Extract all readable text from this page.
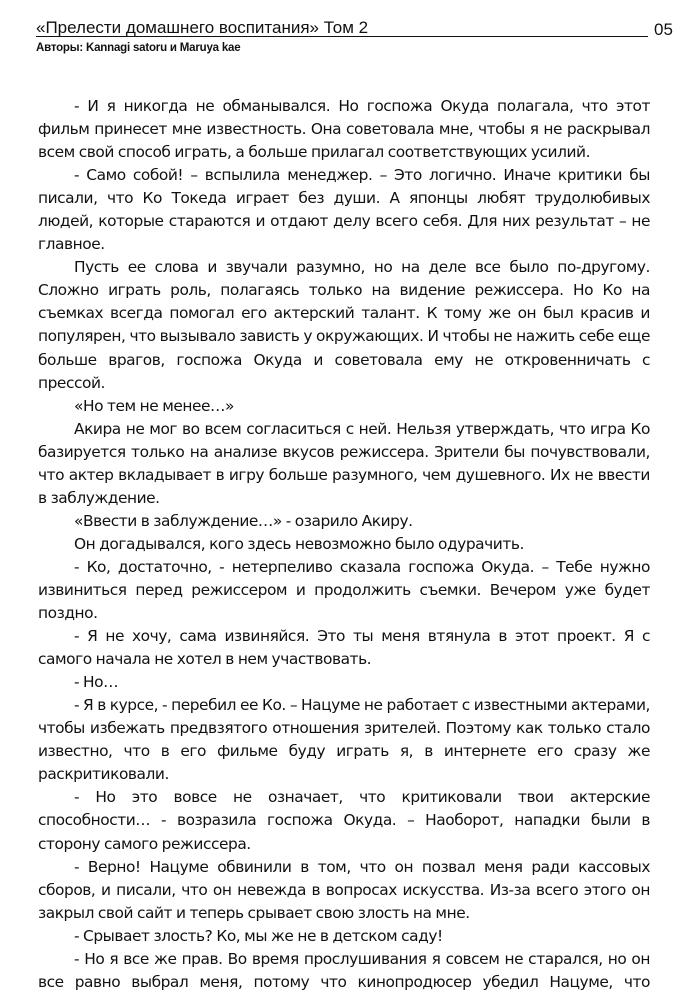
«Прелести домашнего воспитания» Том 2
Авторы: Kannagi satoru и Maruya kae
05

- И я никогда не обманывался. Но госпожа Окуда полагала, что этот фильм принесет мне известность. Она советовала мне, чтобы я не раскрывал всем свой способ играть, а больше прилагал соответствующих усилий.

- Само собой! – вспылила менеджер. – Это логично. Иначе критики бы писали, что Ко Токеда играет без души. А японцы любят трудолюбивых людей, которые стараются и отдают делу всего себя. Для них результат – не главное.

Пусть ее слова и звучали разумно, но на деле все было по-другому. Сложно играть роль, полагаясь только на видение режиссера. Но Ко на съемках всегда помогал его актерский талант. К тому же он был красив и популярен, что вызывало зависть у окружающих. И чтобы не нажить себе еще больше врагов, госпожа Окуда и советовала ему не откровенничать с прессой.

«Но тем не менее…»

Акира не мог во всем согласиться с ней. Нельзя утверждать, что игра Ко базируется только на анализе вкусов режиссера. Зрители бы почувствовали, что актер вкладывает в игру больше разумного, чем душевного. Их не ввести в заблуждение.

«Ввести в заблуждение…» - озарило Акиру.

Он догадывался, кого здесь невозможно было одурачить.

- Ко, достаточно, - нетерпеливо сказала госпожа Окуда. – Тебе нужно извиниться перед режиссером и продолжить съемки. Вечером уже будет поздно.

- Я не хочу, сама извиняйся. Это ты меня втянула в этот проект. Я с самого начала не хотел в нем участвовать.

- Но…

- Я в курсе, - перебил ее Ко. – Нацуме не работает с известными актерами, чтобы избежать предвзятого отношения зрителей. Поэтому как только стало известно, что в его фильме буду играть я, в интернете его сразу же раскритиковали.

- Но это вовсе не означает, что критиковали твои актерские способности… - возразила госпожа Окуда. – Наоборот, нападки были в сторону самого режиссера.

- Верно! Нацуме обвинили в том, что он позвал меня ради кассовых сборов, и писали, что он невежда в вопросах искусства. Из-за всего этого он закрыл свой сайт и теперь срывает свою злость на мне.

- Срывает злость? Ко, мы же не в детском саду!

- Но я все же прав. Во время прослушивания я совсем не старался, но он все равно выбрал меня, потому что кинопродюсер убедил Нацуме, что
